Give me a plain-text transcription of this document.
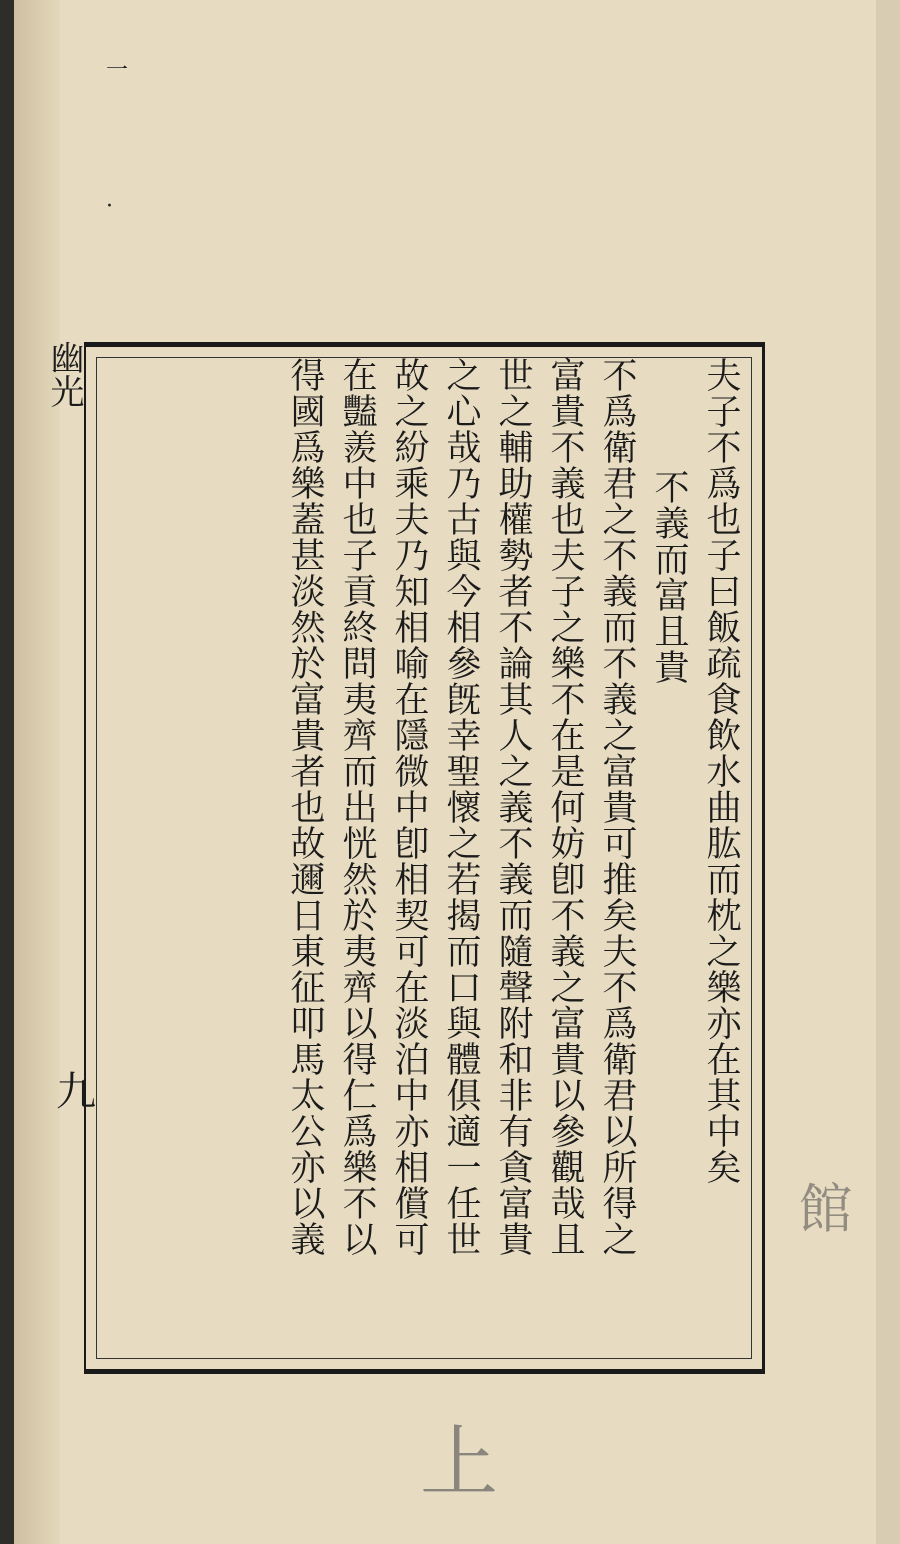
一
·
幽光
九	夫子不爲也子曰飯疏食飲水曲肱而枕之樂亦在其中矣
不義而富且貴
不爲衛君之不義而不義之富貴可推矣夫不爲衛君以所得之
富貴不義也夫子之樂不在是何妨卽不義之富貴以參觀哉且
世之輔助權勢者不論其人之義不義而隨聲附和非有貪富貴
之心哉乃古與今相參旣幸聖懷之若揭而口與體俱適一任世
故之紛乘夫乃知相喻在隱微中卽相契可在淡泊中亦相償可
在豔羨中也子貢終問夷齊而出恍然於夷齊以得仁爲樂不以
得國爲樂蓋甚淡然於富貴者也故邇日東征叩馬太公亦以義	館
上
